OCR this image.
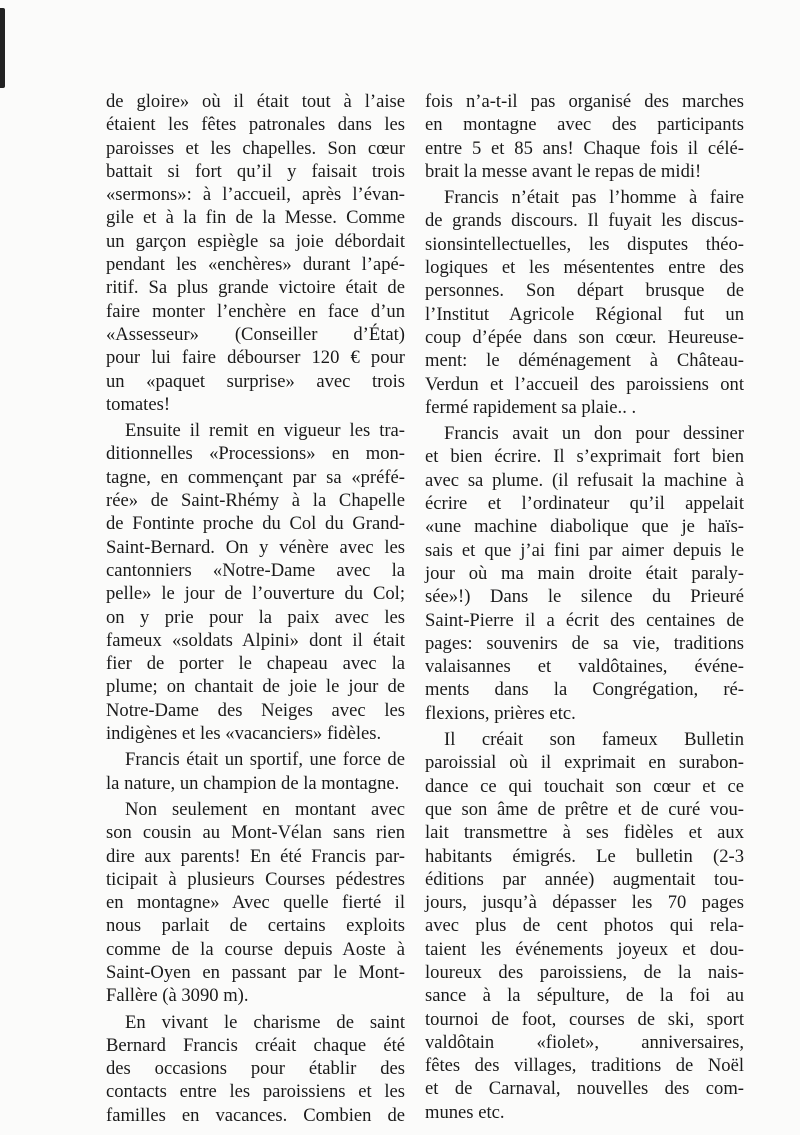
de gloire» où il était tout à l’aise
étaient les fêtes patronales dans les
paroisses et les chapelles. Son cœur
battait si fort qu’il y faisait trois
«sermons»: à l’accueil, après l’évan-
gile et à la fin de la Messe. Comme
un garçon espiègle sa joie débordait
pendant les «enchères» durant l’apé-
ritif. Sa plus grande victoire était de
faire monter l’enchère en face d’un
«Assesseur» (Conseiller d’État)
pour lui faire débourser 120 € pour
un «paquet surprise» avec trois
tomates!
Ensuite il remit en vigueur les tra-
ditionnelles «Processions» en mon-
tagne, en commençant par sa «préfé-
rée» de Saint-Rhémy à la Chapelle
de Fontinte proche du Col du Grand-
Saint-Bernard. On y vénère avec les
cantonniers «Notre-Dame avec la
pelle» le jour de l’ouverture du Col;
on y prie pour la paix avec les
fameux «soldats Alpini» dont il était
fier de porter le chapeau avec la
plume; on chantait de joie le jour de
Notre-Dame des Neiges avec les
indigènes et les «vacanciers» fidèles.
Francis était un sportif, une force de
la nature, un champion de la montagne.
Non seulement en montant avec
son cousin au Mont-Vélan sans rien
dire aux parents! En été Francis par-
ticipait à plusieurs Courses pédestres
en montagne» Avec quelle fierté il
nous parlait de certains exploits
comme de la course depuis Aoste à
Saint-Oyen en passant par le Mont-
Fallère (à 3090 m).
En vivant le charisme de saint
Bernard Francis créait chaque été
des occasions pour établir des
contacts entre les paroissiens et les
familles en vacances. Combien de
fois n’a-t-il pas organisé des marches
en montagne avec des participants
entre 5 et 85 ans! Chaque fois il célé-
brait la messe avant le repas de midi!
Francis n’était pas l’homme à faire
de grands discours. Il fuyait les discus-
sionsintellectuelles, les disputes théo-
logiques et les mésententes entre des
personnes. Son départ brusque de
l’Institut Agricole Régional fut un
coup d’épée dans son cœur. Heureuse-
ment: le déménagement à Château-
Verdun et l’accueil des paroissiens ont
fermé rapidement sa plaie.. .
Francis avait un don pour dessiner
et bien écrire. Il s’exprimait fort bien
avec sa plume. (il refusait la machine à
écrire et l’ordinateur qu’il appelait
«une machine diabolique que je haïs-
sais et que j’ai fini par aimer depuis le
jour où ma main droite était paraly-
sée»!) Dans le silence du Prieuré
Saint-Pierre il a écrit des centaines de
pages: souvenirs de sa vie, traditions
valaisannes et valdôtaines, événe-
ments dans la Congrégation, ré-
flexions, prières etc.
Il créait son fameux Bulletin
paroissial où il exprimait en surabon-
dance ce qui touchait son cœur et ce
que son âme de prêtre et de curé vou-
lait transmettre à ses fidèles et aux
habitants émigrés. Le bulletin (2-3
éditions par année) augmentait tou-
jours, jusqu’à dépasser les 70 pages
avec plus de cent photos qui rela-
taient les événements joyeux et dou-
loureux des paroissiens, de la nais-
sance à la sépulture, de la foi au
tournoi de foot, courses de ski, sport
valdôtain «fiolet», anniversaires,
fêtes des villages, traditions de Noël
et de Carnaval, nouvelles des com-
munes etc.
